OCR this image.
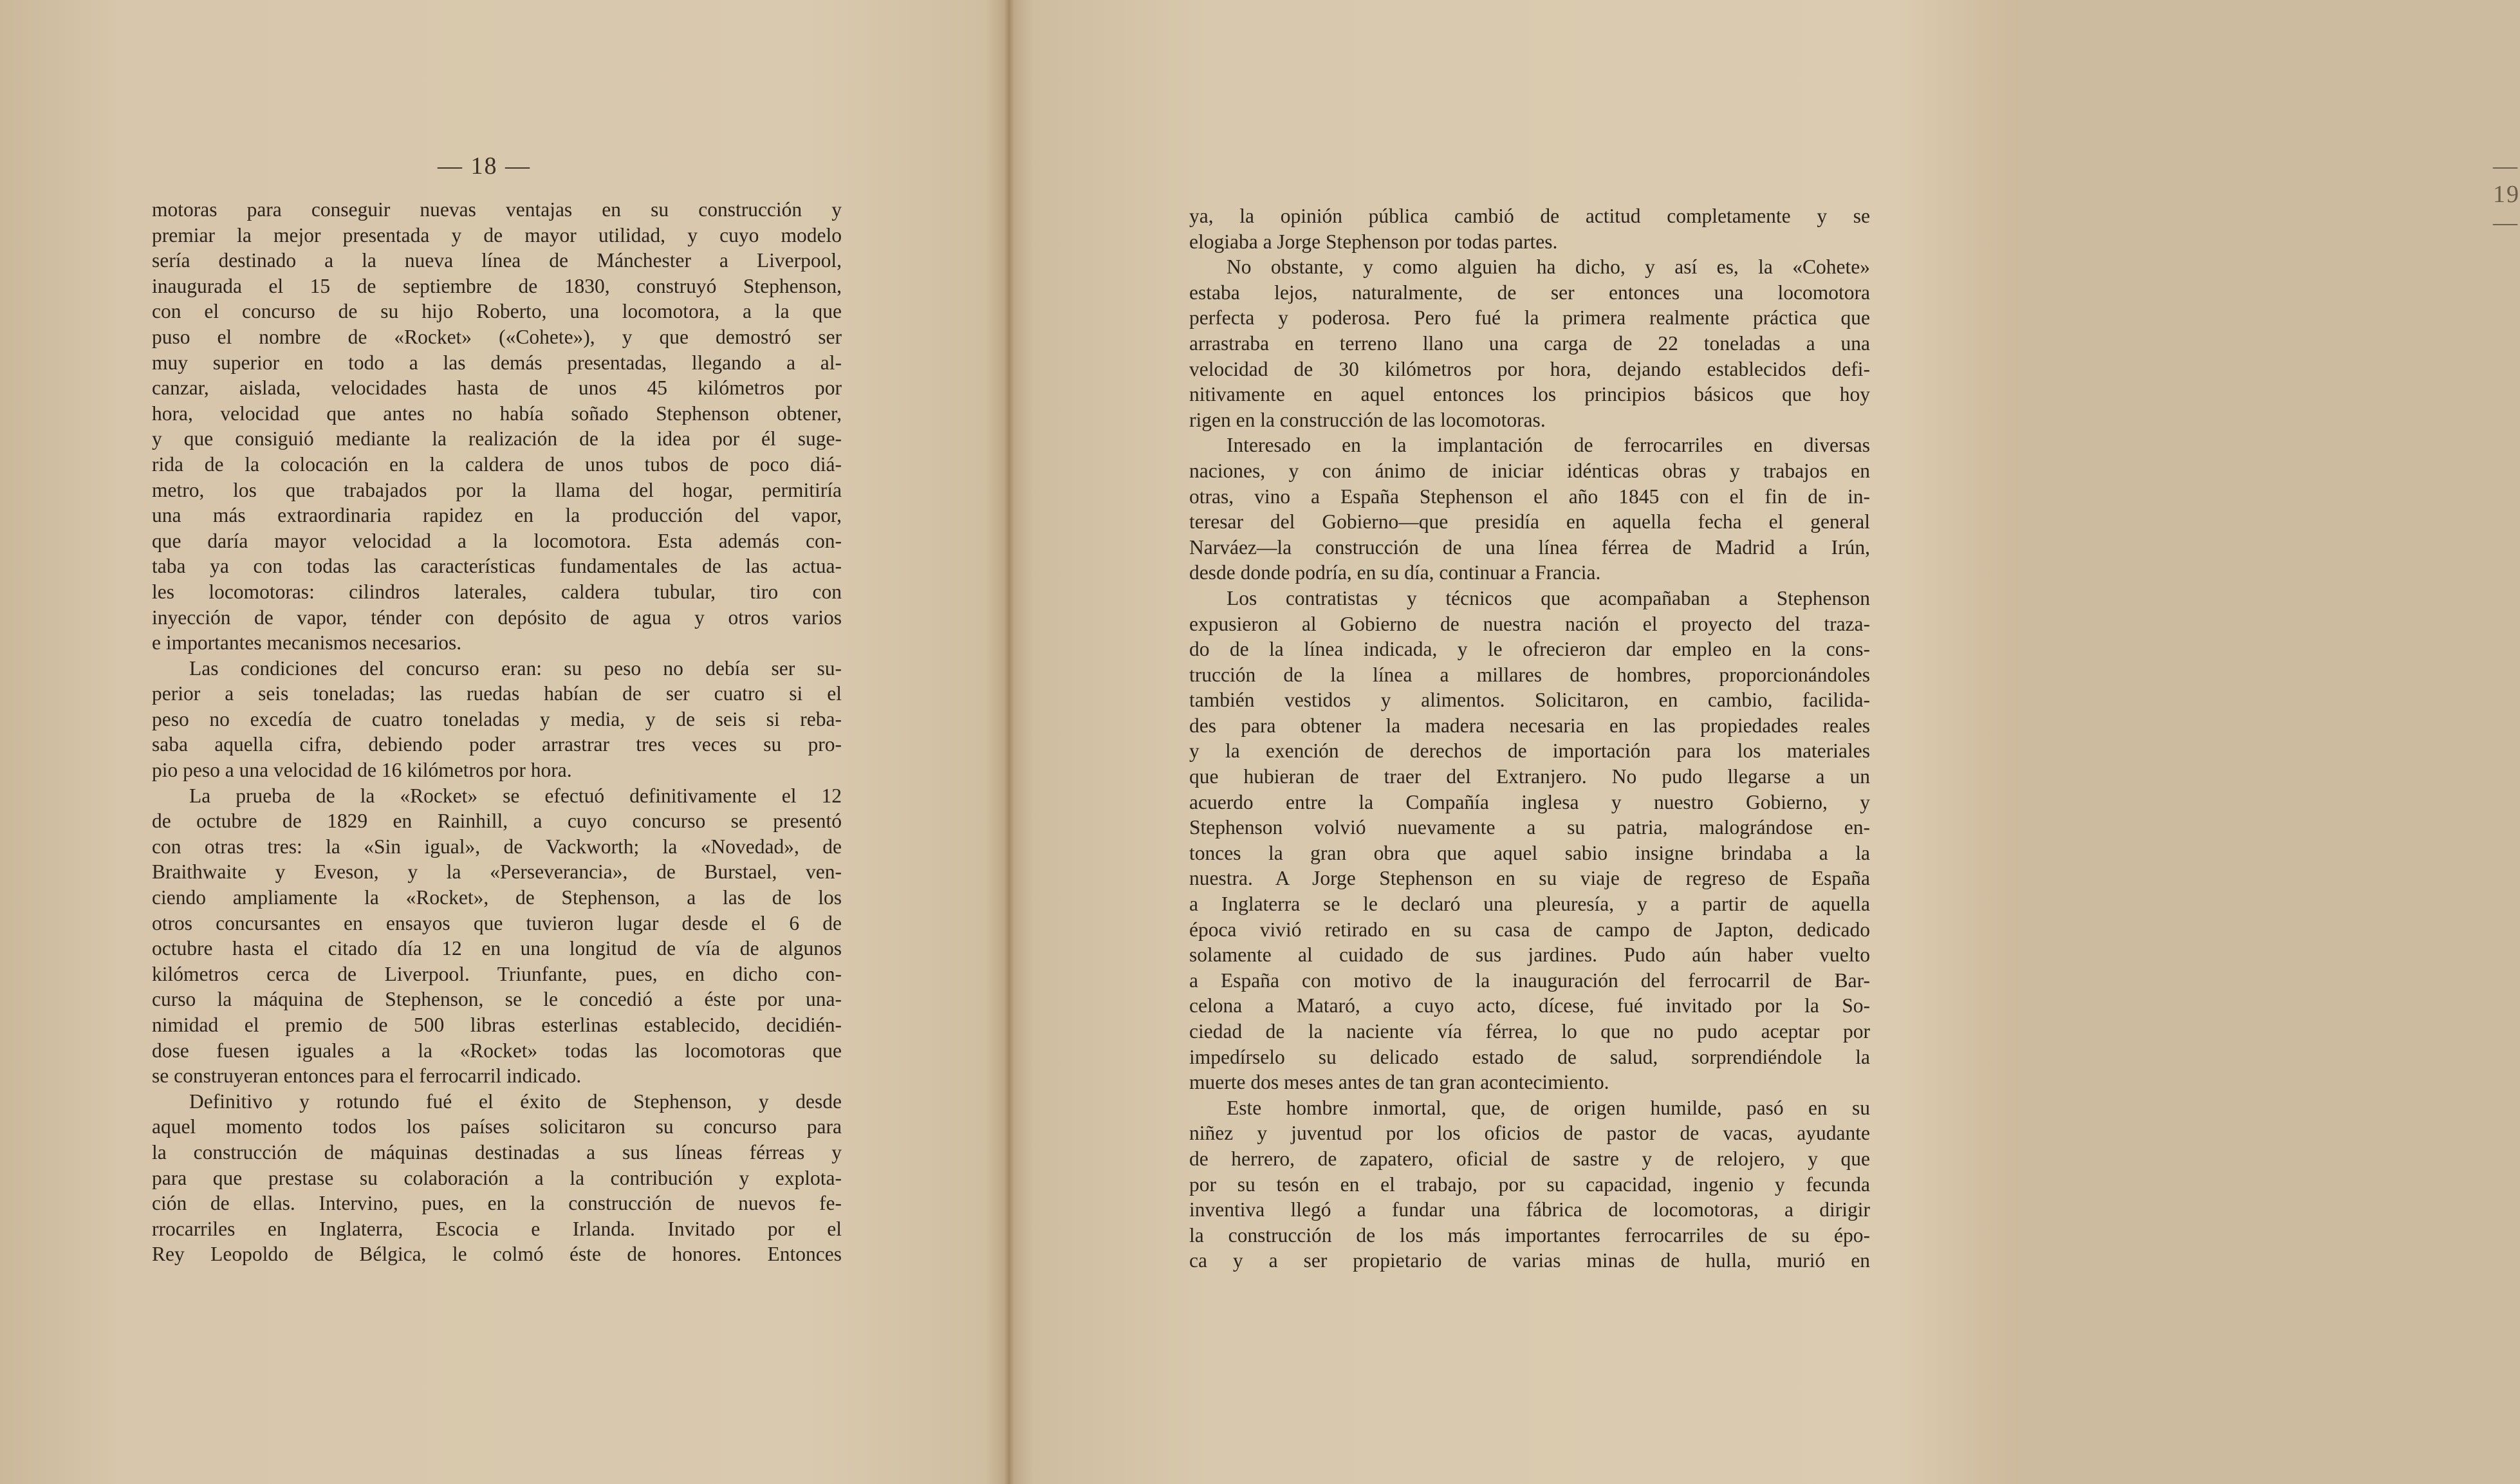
— 18 —
motoras para conseguir nuevas ventajas en su construcción y
premiar la mejor presentada y de mayor utilidad, y cuyo modelo
sería destinado a la nueva línea de Mánchester a Liverpool,
inaugurada el 15 de septiembre de 1830, construyó Stephenson,
con el concurso de su hijo Roberto, una locomotora, a la que
puso el nombre de «Rocket» («Cohete»), y que demostró ser
muy superior en todo a las demás presentadas, llegando a al-
canzar, aislada, velocidades hasta de unos 45 kilómetros por
hora, velocidad que antes no había soñado Stephenson obtener,
y que consiguió mediante la realización de la idea por él suge-
rida de la colocación en la caldera de unos tubos de poco diá-
metro, los que trabajados por la llama del hogar, permitiría
una más extraordinaria rapidez en la producción del vapor,
que daría mayor velocidad a la locomotora. Esta además con-
taba ya con todas las características fundamentales de las actua-
les locomotoras: cilindros laterales, caldera tubular, tiro con
inyección de vapor, ténder con depósito de agua y otros varios
e importantes mecanismos necesarios.
Las condiciones del concurso eran: su peso no debía ser su-
perior a seis toneladas; las ruedas habían de ser cuatro si el
peso no excedía de cuatro toneladas y media, y de seis si reba-
saba aquella cifra, debiendo poder arrastrar tres veces su pro-
pio peso a una velocidad de 16 kilómetros por hora.
La prueba de la «Rocket» se efectuó definitivamente el 12
de octubre de 1829 en Rainhill, a cuyo concurso se presentó
con otras tres: la «Sin igual», de Vackworth; la «Novedad», de
Braithwaite y Eveson, y la «Perseverancia», de Burstael, ven-
ciendo ampliamente la «Rocket», de Stephenson, a las de los
otros concursantes en ensayos que tuvieron lugar desde el 6 de
octubre hasta el citado día 12 en una longitud de vía de algunos
kilómetros cerca de Liverpool. Triunfante, pues, en dicho con-
curso la máquina de Stephenson, se le concedió a éste por una-
nimidad el premio de 500 libras esterlinas establecido, decidién-
dose fuesen iguales a la «Rocket» todas las locomotoras que
se construyeran entonces para el ferrocarril indicado.
Definitivo y rotundo fué el éxito de Stephenson, y desde
aquel momento todos los países solicitaron su concurso para
la construcción de máquinas destinadas a sus líneas férreas y
para que prestase su colaboración a la contribución y explota-
ción de ellas. Intervino, pues, en la construcción de nuevos fe-
rrocarriles en Inglaterra, Escocia e Irlanda. Invitado por el
Rey Leopoldo de Bélgica, le colmó éste de honores. Entonces
— 19 —
ya, la opinión pública cambió de actitud completamente y se
elogiaba a Jorge Stephenson por todas partes.
No obstante, y como alguien ha dicho, y así es, la «Cohete»
estaba lejos, naturalmente, de ser entonces una locomotora
perfecta y poderosa. Pero fué la primera realmente práctica que
arrastraba en terreno llano una carga de 22 toneladas a una
velocidad de 30 kilómetros por hora, dejando establecidos defi-
nitivamente en aquel entonces los principios básicos que hoy
rigen en la construcción de las locomotoras.
Interesado en la implantación de ferrocarriles en diversas
naciones, y con ánimo de iniciar idénticas obras y trabajos en
otras, vino a España Stephenson el año 1845 con el fin de in-
teresar del Gobierno—que presidía en aquella fecha el general
Narváez—la construcción de una línea férrea de Madrid a Irún,
desde donde podría, en su día, continuar a Francia.
Los contratistas y técnicos que acompañaban a Stephenson
expusieron al Gobierno de nuestra nación el proyecto del traza-
do de la línea indicada, y le ofrecieron dar empleo en la cons-
trucción de la línea a millares de hombres, proporcionándoles
también vestidos y alimentos. Solicitaron, en cambio, facilida-
des para obtener la madera necesaria en las propiedades reales
y la exención de derechos de importación para los materiales
que hubieran de traer del Extranjero. No pudo llegarse a un
acuerdo entre la Compañía inglesa y nuestro Gobierno, y
Stephenson volvió nuevamente a su patria, malográndose en-
tonces la gran obra que aquel sabio insigne brindaba a la
nuestra. A Jorge Stephenson en su viaje de regreso de España
a Inglaterra se le declaró una pleuresía, y a partir de aquella
época vivió retirado en su casa de campo de Japton, dedicado
solamente al cuidado de sus jardines. Pudo aún haber vuelto
a España con motivo de la inauguración del ferrocarril de Bar-
celona a Mataró, a cuyo acto, dícese, fué invitado por la So-
ciedad de la naciente vía férrea, lo que no pudo aceptar por
impedírselo su delicado estado de salud, sorprendiéndole la
muerte dos meses antes de tan gran acontecimiento.
Este hombre inmortal, que, de origen humilde, pasó en su
niñez y juventud por los oficios de pastor de vacas, ayudante
de herrero, de zapatero, oficial de sastre y de relojero, y que
por su tesón en el trabajo, por su capacidad, ingenio y fecunda
inventiva llegó a fundar una fábrica de locomotoras, a dirigir
la construcción de los más importantes ferrocarriles de su épo-
ca y a ser propietario de varias minas de hulla, murió en
